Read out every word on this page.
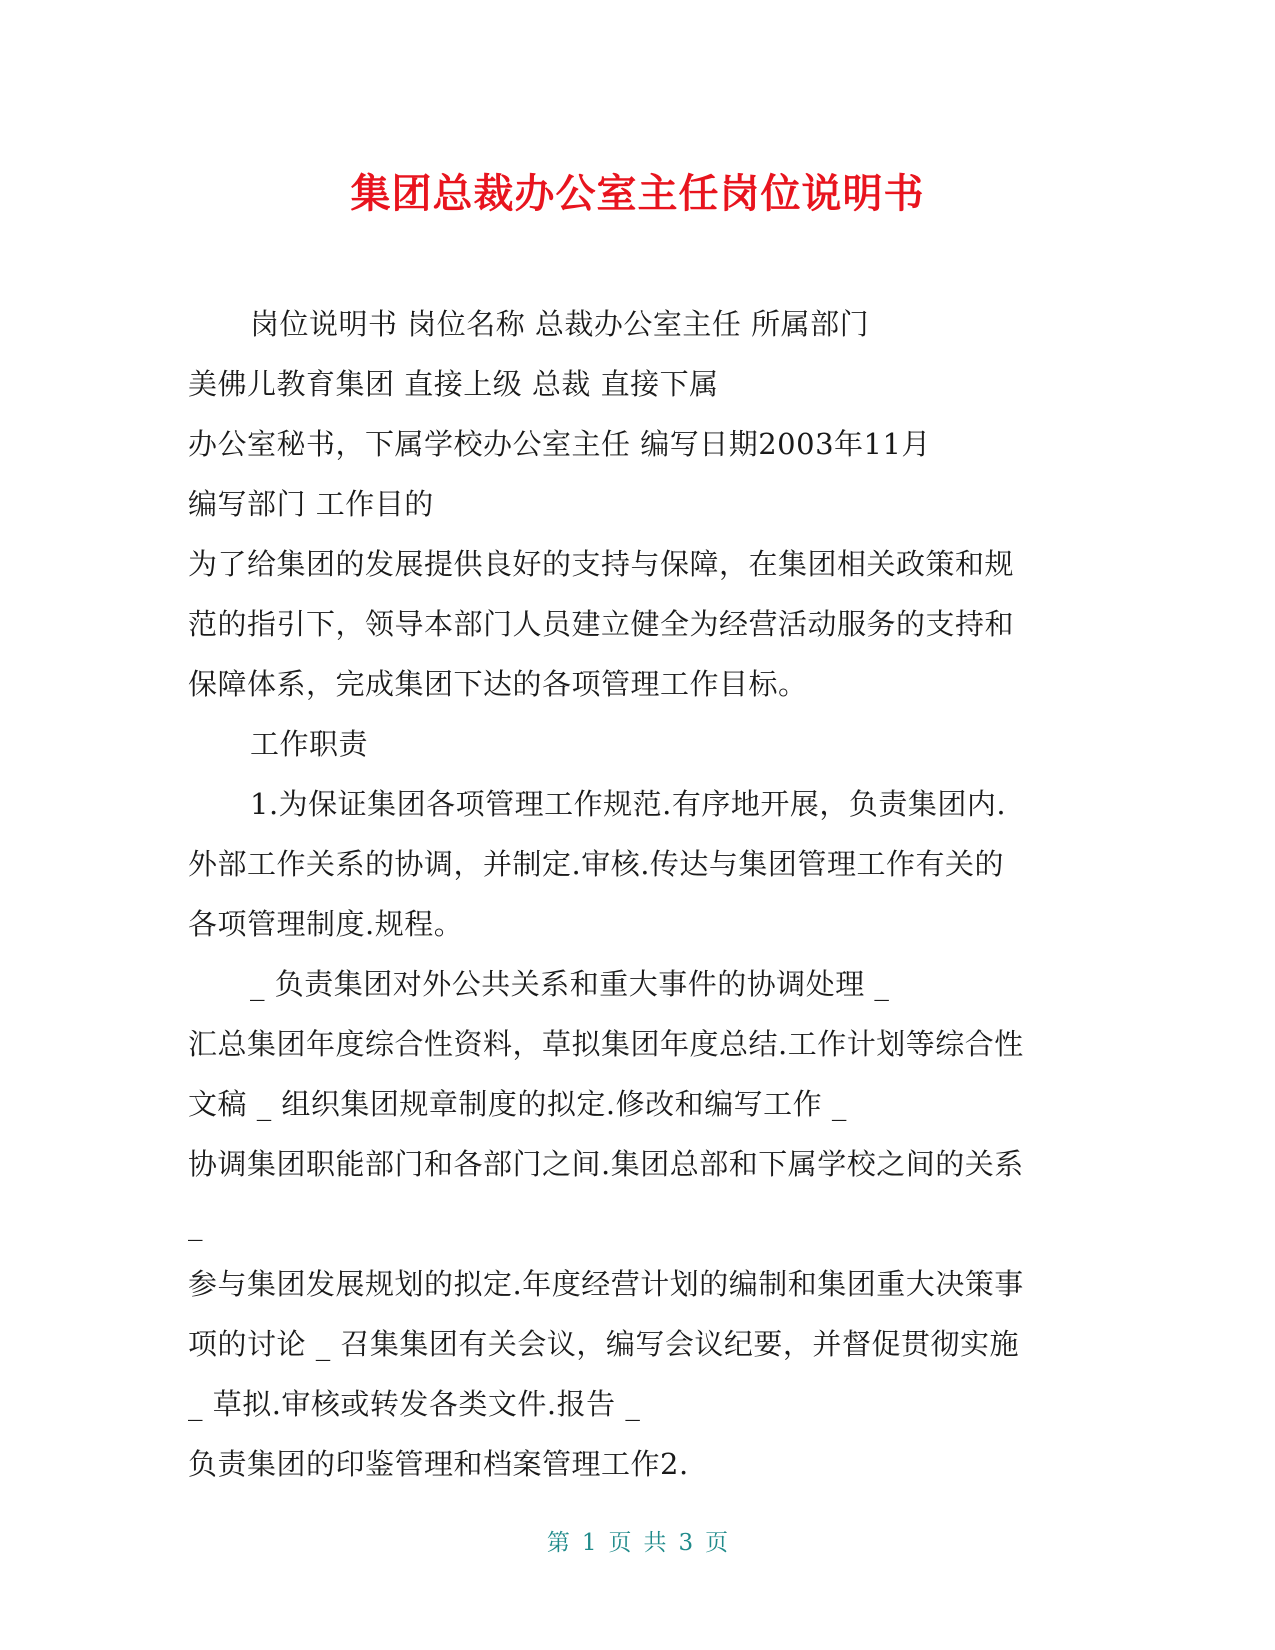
集团总裁办公室主任岗位说明书
岗位说明书 岗位名称 总裁办公室主任 所属部门
美佛儿教育集团 直接上级 总裁 直接下属
办公室秘书，下属学校办公室主任 编写日期2003年11月
编写部门 工作目的
为了给集团的发展提供良好的支持与保障，在集团相关政策和规
范的指引下，领导本部门人员建立健全为经营活动服务的支持和
保障体系，完成集团下达的各项管理工作目标。
工作职责
1.为保证集团各项管理工作规范.有序地开展，负责集团内.
外部工作关系的协调，并制定.审核.传达与集团管理工作有关的
各项管理制度.规程。
_ 负责集团对外公共关系和重大事件的协调处理 _
汇总集团年度综合性资料，草拟集团年度总结.工作计划等综合性
文稿 _ 组织集团规章制度的拟定.修改和编写工作 _
协调集团职能部门和各部门之间.集团总部和下属学校之间的关系
_
参与集团发展规划的拟定.年度经营计划的编制和集团重大决策事
项的讨论 _ 召集集团有关会议，编写会议纪要，并督促贯彻实施
_ 草拟.审核或转发各类文件.报告 _
负责集团的印鉴管理和档案管理工作2.
第 1 页 共 3 页
